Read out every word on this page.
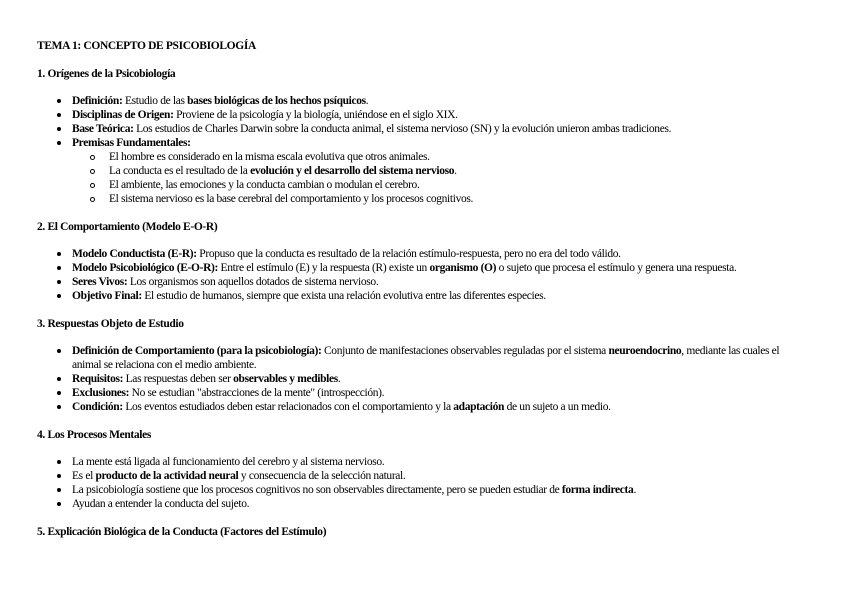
TEMA 1: CONCEPTO DE PSICOBIOLOGÍA
1. Orígenes de la Psicobiología
Definición: Estudio de las bases biológicas de los hechos psíquicos.
Disciplinas de Origen: Proviene de la psicología y la biología, uniéndose en el siglo XIX.
Base Teórica: Los estudios de Charles Darwin sobre la conducta animal, el sistema nervioso (SN) y la evolución unieron ambas tradiciones.
Premisas Fundamentales:
El hombre es considerado en la misma escala evolutiva que otros animales.
La conducta es el resultado de la evolución y el desarrollo del sistema nervioso.
El ambiente, las emociones y la conducta cambian o modulan el cerebro.
El sistema nervioso es la base cerebral del comportamiento y los procesos cognitivos.
2. El Comportamiento (Modelo E-O-R)
Modelo Conductista (E-R): Propuso que la conducta es resultado de la relación estímulo-respuesta, pero no era del todo válido.
Modelo Psicobiológico (E-O-R): Entre el estímulo (E) y la respuesta (R) existe un organismo (O) o sujeto que procesa el estímulo y genera una respuesta.
Seres Vivos: Los organismos son aquellos dotados de sistema nervioso.
Objetivo Final: El estudio de humanos, siempre que exista una relación evolutiva entre las diferentes especies.
3. Respuestas Objeto de Estudio
Definición de Comportamiento (para la psicobiología): Conjunto de manifestaciones observables reguladas por el sistema neuroendocrino, mediante las cuales el animal se relaciona con el medio ambiente.
Requisitos: Las respuestas deben ser observables y medibles.
Exclusiones: No se estudian "abstracciones de la mente" (introspección).
Condición: Los eventos estudiados deben estar relacionados con el comportamiento y la adaptación de un sujeto a un medio.
4. Los Procesos Mentales
La mente está ligada al funcionamiento del cerebro y al sistema nervioso.
Es el producto de la actividad neural y consecuencia de la selección natural.
La psicobiología sostiene que los procesos cognitivos no son observables directamente, pero se pueden estudiar de forma indirecta.
Ayudan a entender la conducta del sujeto.
5. Explicación Biológica de la Conducta (Factores del Estímulo)
